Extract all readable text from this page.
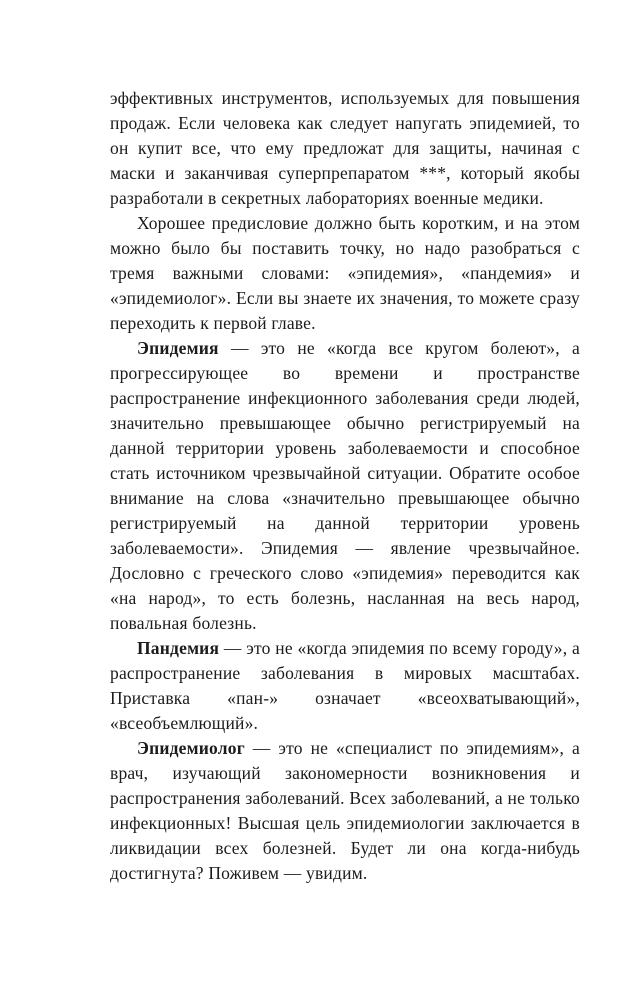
эффективных инструментов, используемых для повышения продаж. Если человека как следует напугать эпидемией, то он купит все, что ему предложат для защиты, начиная с маски и заканчивая суперпрепаратом ***, который якобы разработали в секретных лабораториях военные медики.

Хорошее предисловие должно быть коротким, и на этом можно было бы поставить точку, но надо разобраться с тремя важными словами: «эпидемия», «пандемия» и «эпидемиолог». Если вы знаете их значения, то можете сразу переходить к первой главе.

Эпидемия — это не «когда все кругом болеют», а прогрессирующее во времени и пространстве распространение инфекционного заболевания среди людей, значительно превышающее обычно регистрируемый на данной территории уровень заболеваемости и способное стать источником чрезвычайной ситуации. Обратите особое внимание на слова «значительно превышающее обычно регистрируемый на данной территории уровень заболеваемости». Эпидемия — явление чрезвычайное. Дословно с греческого слово «эпидемия» переводится как «на народ», то есть болезнь, насланная на весь народ, повальная болезнь.

Пандемия — это не «когда эпидемия по всему городу», а распространение заболевания в мировых масштабах. Приставка «пан-» означает «всеохватывающий», «всеобъемлющий».

Эпидемиолог — это не «специалист по эпидемиям», а врач, изучающий закономерности возникновения и распространения заболеваний. Всех заболеваний, а не только инфекционных! Высшая цель эпидемиологии заключается в ликвидации всех болезней. Будет ли она когда-нибудь достигнута? Поживем — увидим.
